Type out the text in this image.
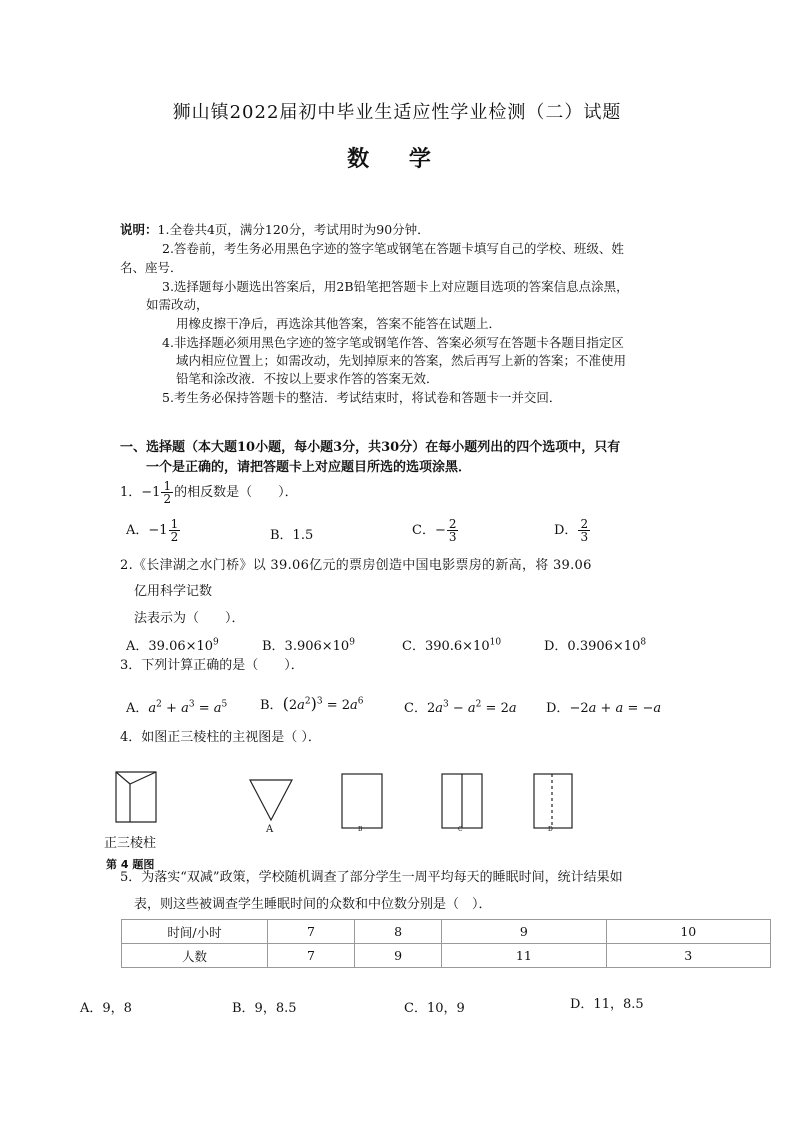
狮山镇2022届初中毕业生适应性学业检测（二）试题
数 学
说明：1.全卷共4页，满分120分，考试用时为90分钟．
2.答卷前，考生务必用黑色字迹的签字笔或钢笔在答题卡填写自己的学校、班级、姓
名、座号．
3.选择题每小题选出答案后，用2B铅笔把答题卡上对应题目选项的答案信息点涂黑，
如需改动，
用橡皮擦干净后，再选涂其他答案，答案不能答在试题上．
4.非选择题必须用黑色字迹的签字笔或钢笔作答、答案必须写在答题卡各题目指定区
域内相应位置上；如需改动，先划掉原来的答案，然后再写上新的答案；不准使用
铅笔和涂改液．不按以上要求作答的答案无效．
5.考生务必保持答题卡的整洁．考试结束时，将试卷和答题卡一并交回．
一、选择题（本大题10小题，每小题3分，共30分）在每小题列出的四个选项中，只有
一个是正确的，请把答题卡上对应题目所选的选项涂黑．
1．$-1 \frac{1}{2}$ 的相反数是（　　）．
A．$-1 \frac{1}{2}$	B．1.5	C．− $\frac{2}{3}$	D． $\frac{2}{3}$
2.《长津湖之水门桥》以 39.06亿元的票房创造中国电影票房的新高，将 39.06
亿用科学记数
法表示为（　　）．
A．$39.06\times 10^9$	B．$3.906\times 10^9$	C．$390.6\times 10^{10}$	D．$0.3906\times 10^8$
3．下列计算正确的是（　　）．
A．$a^2 + a^3 = a^5$	B．$(2a^2)^3 = 2a^6$	C．$2a^3 - a^2 = 2a$ D．−2a + a = −a
4．如图正三棱柱的主视图是（ ）．
正三棱柱
第 4 题图
A	B	C	D
5．为落实“双减”政策，学校随机调查了部分学生一周平均每天的睡眠时间，统计结果如
表，则这些被调查学生睡眠时间的众数和中位数分别是（　）．
时间/小时	7	8	9	10
人数	7	9	11	3
A．9，8	B．9，8.5	C．10，9	D．11，8.5
